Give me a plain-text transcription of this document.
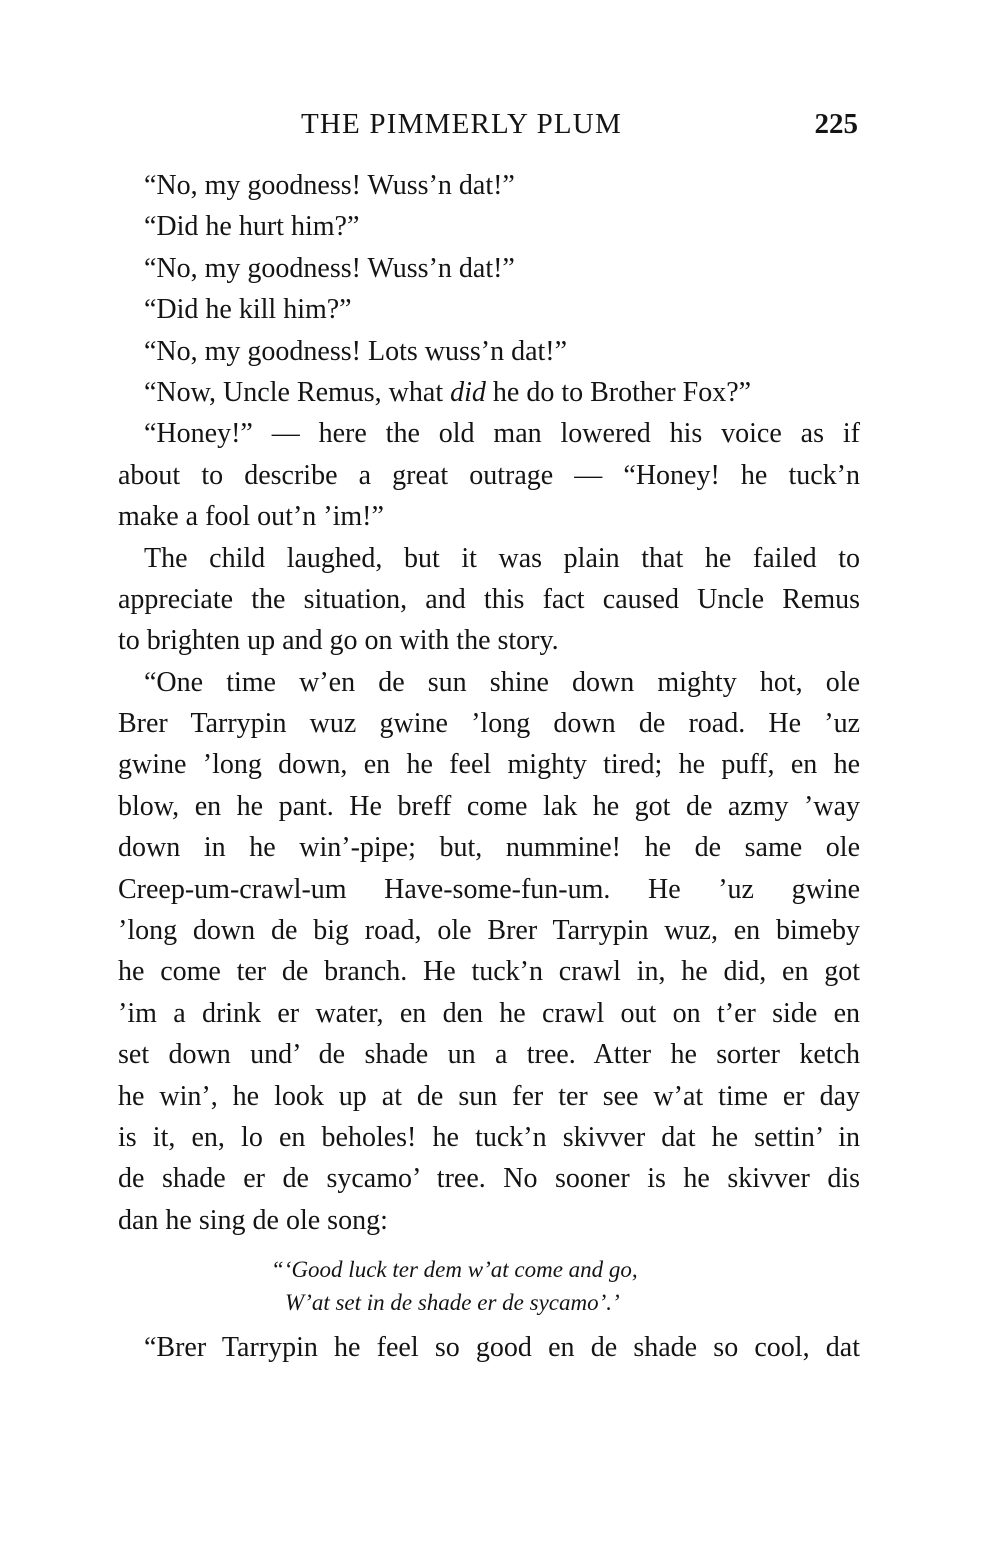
THE PIMMERLY PLUM	225
“No, my goodness! Wuss’n dat!”
“Did he hurt him?”
“No, my goodness! Wuss’n dat!”
“Did he kill him?”
“No, my goodness! Lots wuss’n dat!”
“Now, Uncle Remus, what did he do to Brother Fox?”
“Honey!” — here the old man lowered his voice as if
about to describe a great outrage — “Honey! he tuck’n
make a fool out’n ’im!”
The child laughed, but it was plain that he failed to
appreciate the situation, and this fact caused Uncle Remus
to brighten up and go on with the story.
“One time w’en de sun shine down mighty hot, ole
Brer Tarrypin wuz gwine ’long down de road. He ’uz
gwine ’long down, en he feel mighty tired; he puff, en he
blow, en he pant. He breff come lak he got de azmy ’way
down in he win’-pipe; but, nummine! he de same ole
Creep-um-crawl-um Have-some-fun-um. He ’uz gwine
’long down de big road, ole Brer Tarrypin wuz, en bimeby
he come ter de branch. He tuck’n crawl in, he did, en got
’im a drink er water, en den he crawl out on t’er side en
set down und’ de shade un a tree. Atter he sorter ketch
he win’, he look up at de sun fer ter see w’at time er day
is it, en, lo en beholes! he tuck’n skivver dat he settin’ in
de shade er de sycamo’ tree. No sooner is he skivver dis
dan he sing de ole song:
“‘Good luck ter dem w’at come and go,
W’at set in de shade er de sycamo’.’
“Brer Tarrypin he feel so good en de shade so cool, dat
